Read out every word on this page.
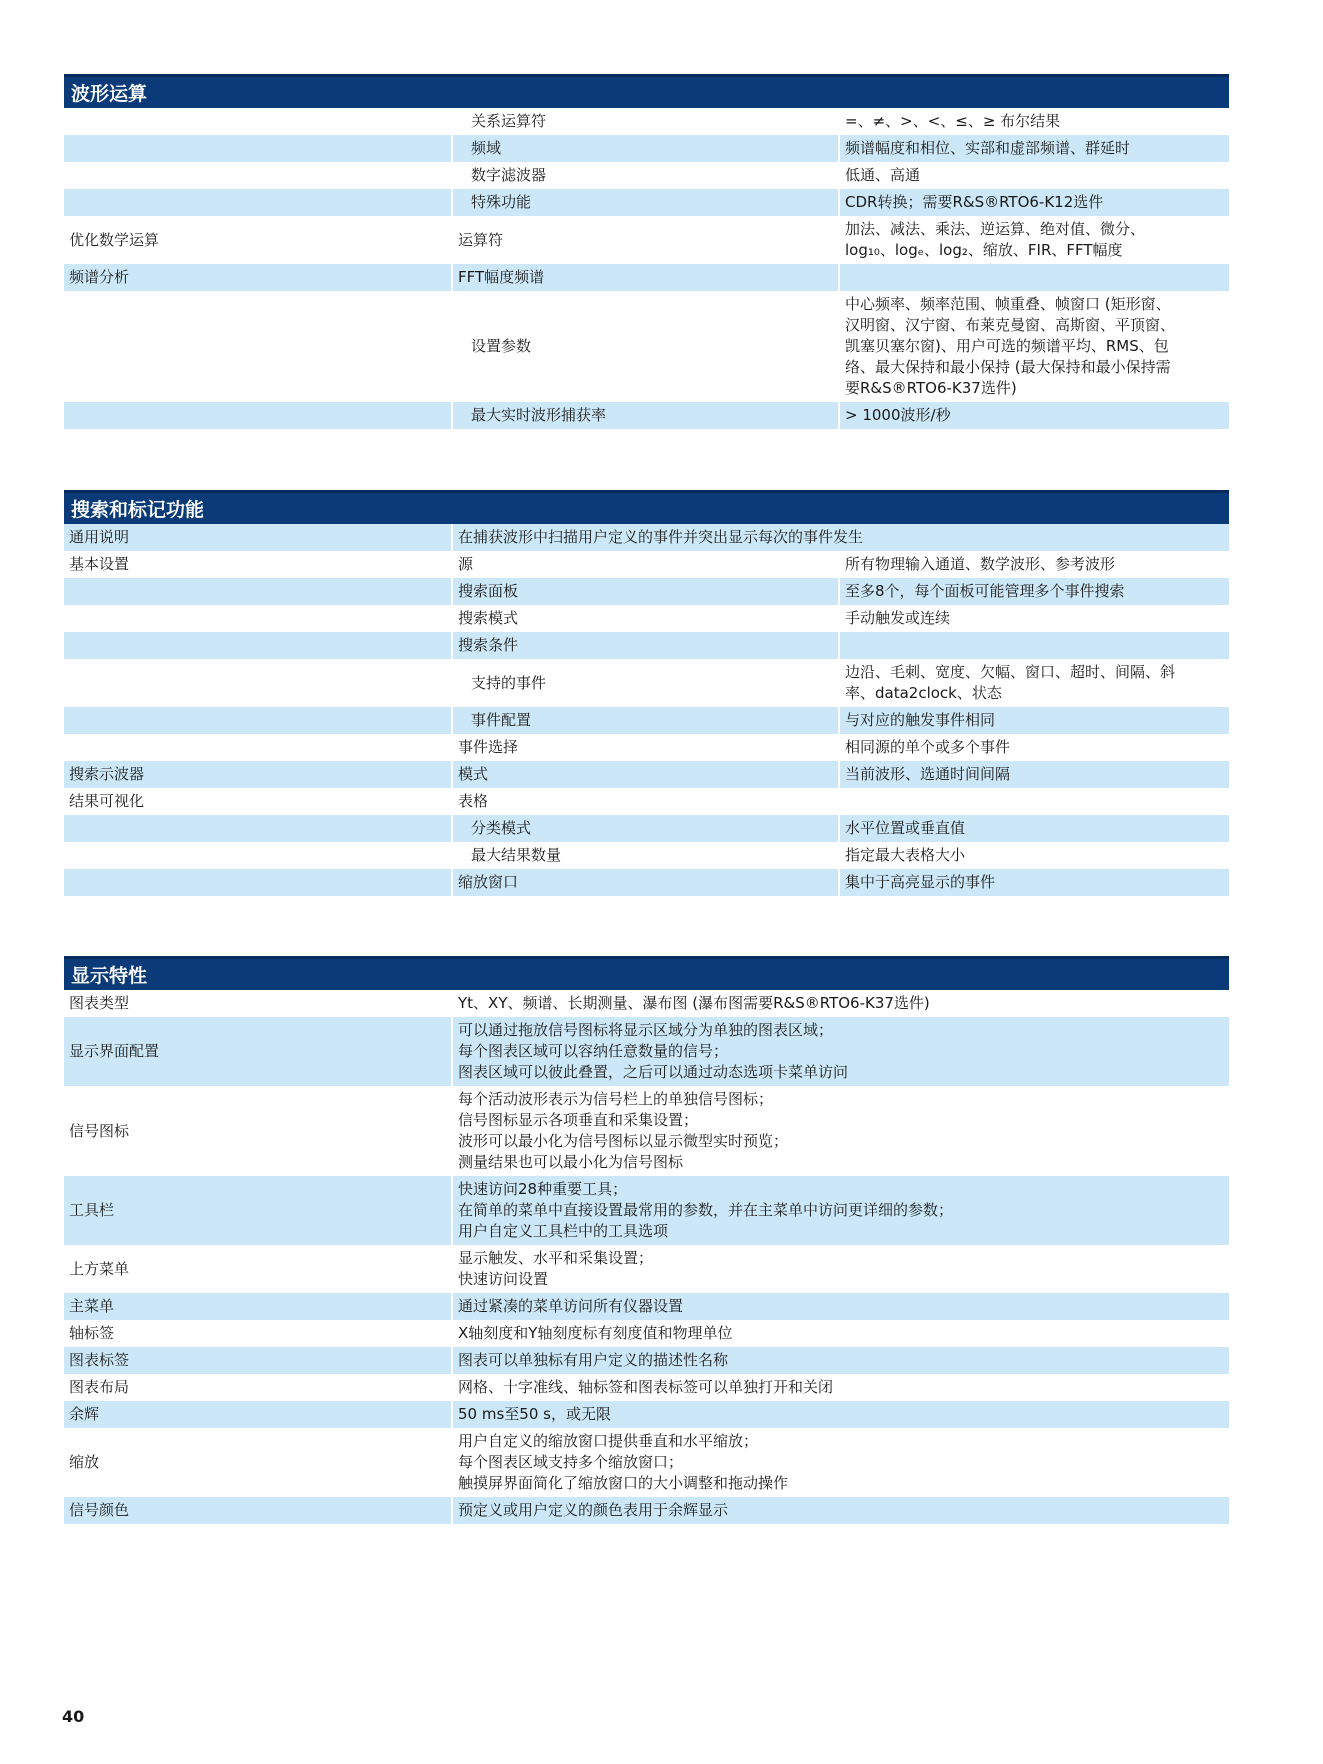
波形运算
	关系运算符	=、≠、>、<、≤、≥ 布尔结果

	频域	频谱幅度和相位、实部和虚部频谱、群延时

	数字滤波器	低通、高通

	特殊功能	CDR转换；需要R&S®RTO6-K12选件

优化数学运算	运算符	加法、减法、乘法、逆运算、绝对值、微分、
log₁₀、logₑ、log₂、缩放、FIR、FFT幅度

频谱分析	FFT幅度频谱	

	设置参数	中心频率、频率范围、帧重叠、帧窗口 (矩形窗、
汉明窗、汉宁窗、布莱克曼窗、高斯窗、平顶窗、
凯塞贝塞尔窗)、用户可选的频谱平均、RMS、包
络、最大保持和最小保持 (最大保持和最小保持需
要R&S®RTO6-K37选件)

	最大实时波形捕获率	> 1000波形/秒
搜索和标记功能
通用说明	在捕获波形中扫描用户定义的事件并突出显示每次的事件发生	
基本设置	源	所有物理输入通道、数学波形、参考波形

	搜索面板	至多8个，每个面板可能管理多个事件搜索

	搜索模式	手动触发或连续

	搜索条件	

	支持的事件	边沿、毛刺、宽度、欠幅、窗口、超时、间隔、斜
率、data2clock、状态

	事件配置	与对应的触发事件相同

	事件选择	相同源的单个或多个事件

搜索示波器	模式	当前波形、选通时间间隔

结果可视化	表格	

	分类模式	水平位置或垂直值

	最大结果数量	指定最大表格大小

	缩放窗口	集中于高亮显示的事件
显示特性
图表类型	Yt、XY、频谱、长期测量、瀑布图 (瀑布图需要R&S®RTO6-K37选件)

显示界面配置	可以通过拖放信号图标将显示区域分为单独的图表区域；
每个图表区域可以容纳任意数量的信号；
图表区域可以彼此叠置，之后可以通过动态选项卡菜单访问

信号图标	每个活动波形表示为信号栏上的单独信号图标；
信号图标显示各项垂直和采集设置；
波形可以最小化为信号图标以显示微型实时预览；
测量结果也可以最小化为信号图标

工具栏	快速访问28种重要工具；
在简单的菜单中直接设置最常用的参数，并在主菜单中访问更详细的参数；
用户自定义工具栏中的工具选项

上方菜单	显示触发、水平和采集设置；
快速访问设置

主菜单	通过紧凑的菜单访问所有仪器设置

轴标签	X轴刻度和Y轴刻度标有刻度值和物理单位

图表标签	图表可以单独标有用户定义的描述性名称

图表布局	网格、十字准线、轴标签和图表标签可以单独打开和关闭

余辉	50 ms至50 s，或无限

缩放	用户自定义的缩放窗口提供垂直和水平缩放；
每个图表区域支持多个缩放窗口；
触摸屏界面简化了缩放窗口的大小调整和拖动操作

信号颜色	预定义或用户定义的颜色表用于余辉显示
40
